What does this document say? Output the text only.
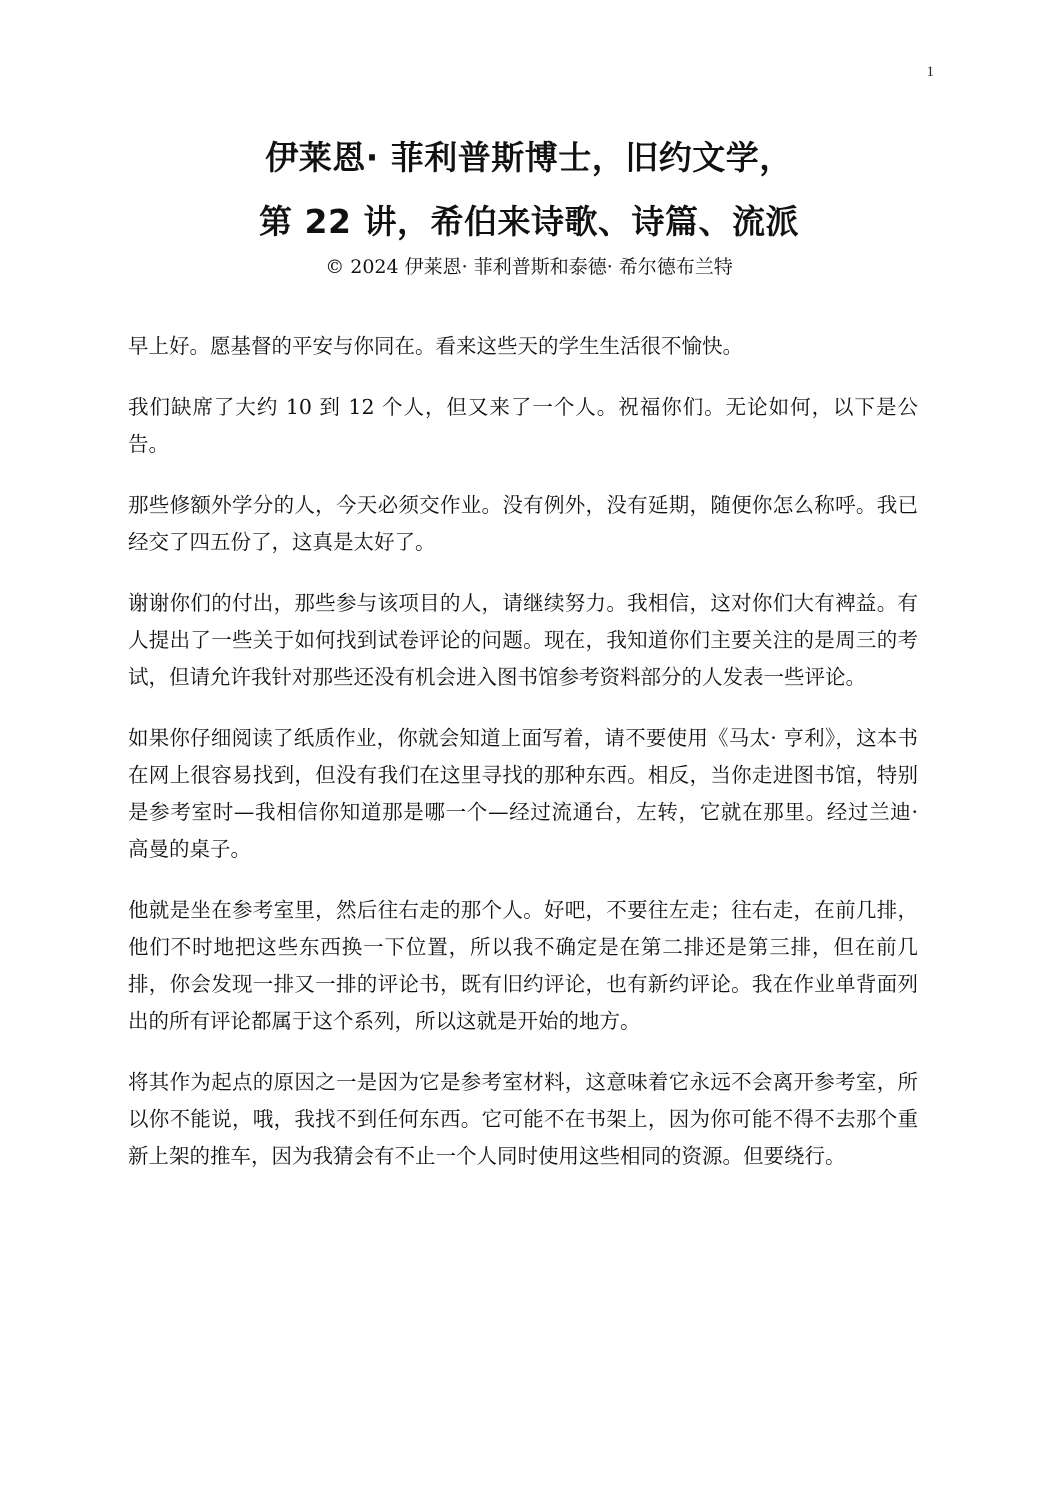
1
伊莱恩· 菲利普斯博士，旧约文学，
第 22 讲，希伯来诗歌、诗篇、流派
© 2024 伊莱恩· 菲利普斯和泰德· 希尔德布兰特

早上好。愿基督的平安与你同在。看来这些天的学生生活很不愉快。

我们缺席了大约 10 到 12 个人，但又来了一个人。祝福你们。无论如何，以下是公告。

那些修额外学分的人，今天必须交作业。没有例外，没有延期，随便你怎么称呼。我已经交了四五份了，这真是太好了。

谢谢你们的付出，那些参与该项目的人，请继续努力。我相信，这对你们大有裨益。有人提出了一些关于如何找到试卷评论的问题。现在，我知道你们主要关注的是周三的考试，但请允许我针对那些还没有机会进入图书馆参考资料部分的人发表一些评论。

如果你仔细阅读了纸质作业，你就会知道上面写着，请不要使用《马太· 亨利》，这本书在网上很容易找到，但没有我们在这里寻找的那种东西。相反，当你走进图书馆，特别是参考室时—我相信你知道那是哪一个—经过流通台，左转，它就在那里。经过兰迪· 高曼的桌子。

他就是坐在参考室里，然后往右走的那个人。好吧，不要往左走；往右走，在前几排，他们不时地把这些东西换一下位置，所以我不确定是在第二排还是第三排，但在前几排，你会发现一排又一排的评论书，既有旧约评论，也有新约评论。我在作业单背面列出的所有评论都属于这个系列，所以这就是开始的地方。

将其作为起点的原因之一是因为它是参考室材料，这意味着它永远不会离开参考室，所以你不能说，哦，我找不到任何东西。它可能不在书架上，因为你可能不得不去那个重新上架的推车，因为我猜会有不止一个人同时使用这些相同的资源。但要绕行。
